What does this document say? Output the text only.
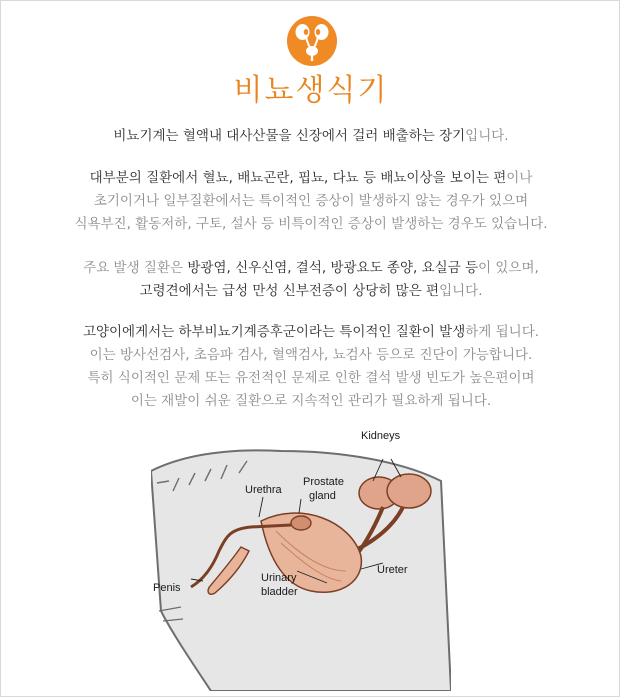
비뇨생식기
비뇨기계는 혈액내 대사산물을 신장에서 걸러 배출하는 장기입니다.
대부분의 질환에서 혈뇨, 배뇨곤란, 핍뇨, 다뇨 등 배뇨이상을 보이는 편이나
초기이거나 일부질환에서는 특이적인 증상이 발생하지 않는 경우가 있으며
식욕부진, 활동저하, 구토, 설사 등 비특이적인 증상이 발생하는 경우도 있습니다.
주요 발생 질환은 방광염, 신우신염, 결석, 방광요도 종양, 요실금 등이 있으며,
고령견에서는 급성 만성 신부전증이 상당히 많은 편입니다.
고양이에게서는 하부비뇨기계증후군이라는 특이적인 질환이 발생하게 됩니다.
이는 방사선검사, 초음파 검사, 혈액검사, 뇨검사 등으로 진단이 가능합니다.
특히 식이적인 문제 또는 유전적인 문제로 인한 결석 발생 빈도가 높은편이며
이는 재발이 쉬운 질환으로 지속적인 관리가 필요하게 됩니다.
Kidneys
Prostate
gland
Urethra
Ureter
Urinary
bladder
Penis
